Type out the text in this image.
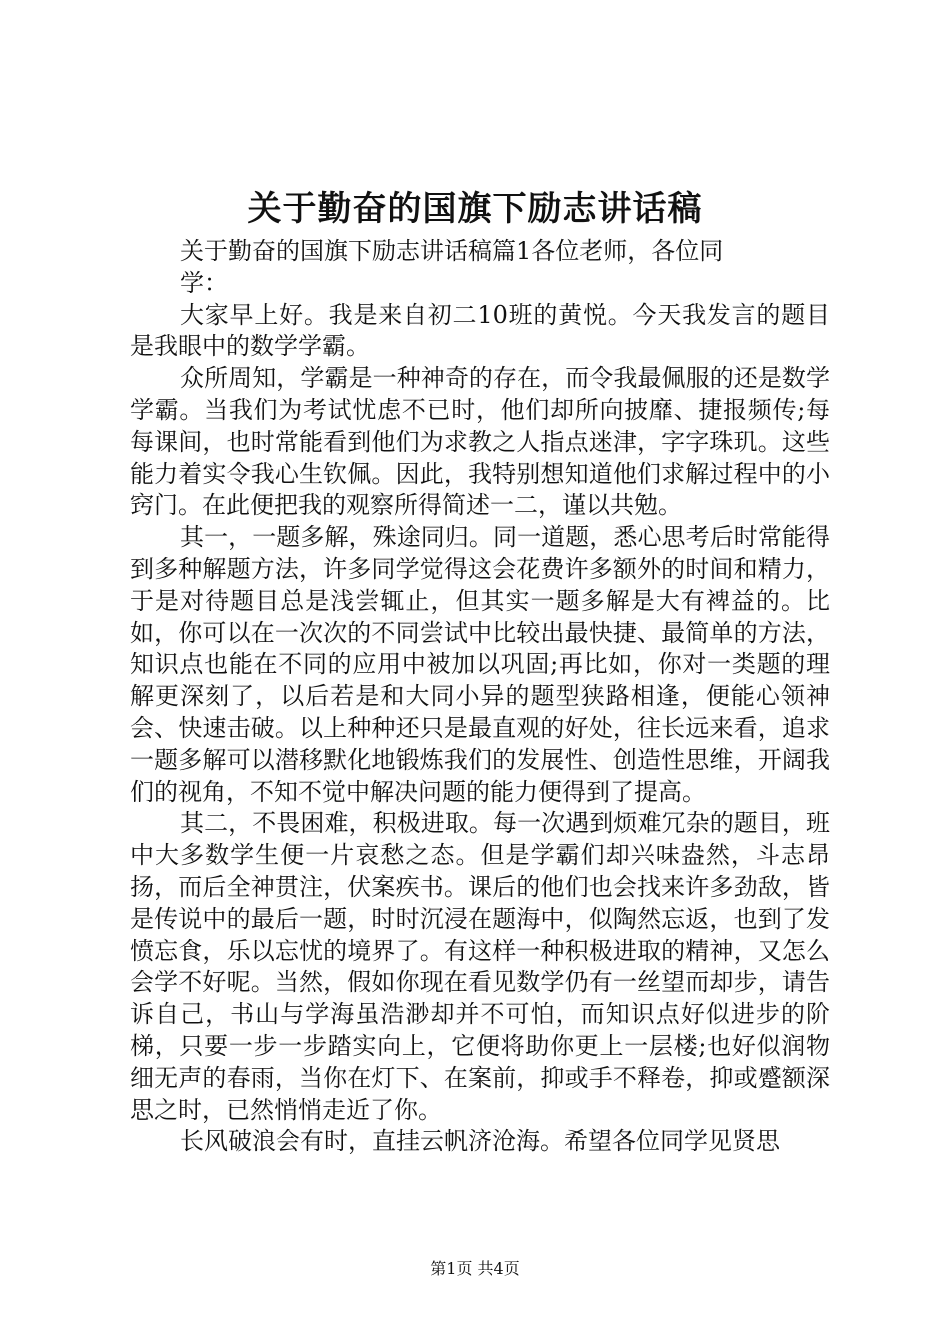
关于勤奋的国旗下励志讲话稿

关于勤奋的国旗下励志讲话稿篇1各位老师，各位同学：

大家早上好。我是来自初二10班的黄悦。今天我发言的题目是我眼中的数学学霸。

众所周知，学霸是一种神奇的存在，而令我最佩服的还是数学学霸。当我们为考试忧虑不已时，他们却所向披靡、捷报频传;每每课间，也时常能看到他们为求教之人指点迷津，字字珠玑。这些能力着实令我心生钦佩。因此，我特别想知道他们求解过程中的小窍门。在此便把我的观察所得简述一二，谨以共勉。

其一，一题多解，殊途同归。同一道题，悉心思考后时常能得到多种解题方法，许多同学觉得这会花费许多额外的时间和精力，于是对待题目总是浅尝辄止，但其实一题多解是大有裨益的。比如，你可以在一次次的不同尝试中比较出最快捷、最简单的方法，知识点也能在不同的应用中被加以巩固;再比如，你对一类题的理解更深刻了，以后若是和大同小异的题型狭路相逢，便能心领神会、快速击破。以上种种还只是最直观的好处，往长远来看，追求一题多解可以潜移默化地锻炼我们的发展性、创造性思维，开阔我们的视角，不知不觉中解决问题的能力便得到了提高。

其二，不畏困难，积极进取。每一次遇到烦难冗杂的题目，班中大多数学生便一片哀愁之态。但是学霸们却兴味盎然，斗志昂扬，而后全神贯注，伏案疾书。课后的他们也会找来许多劲敌，皆是传说中的最后一题，时时沉浸在题海中，似陶然忘返，也到了发愤忘食，乐以忘忧的境界了。有这样一种积极进取的精神，又怎么会学不好呢。当然，假如你现在看见数学仍有一丝望而却步，请告诉自己，书山与学海虽浩渺却并不可怕，而知识点好似进步的阶梯，只要一步一步踏实向上，它便将助你更上一层楼;也好似润物细无声的春雨，当你在灯下、在案前，抑或手不释卷，抑或蹙额深思之时，已然悄悄走近了你。

长风破浪会有时，直挂云帆济沧海。希望各位同学见贤思

第1页 共4页
